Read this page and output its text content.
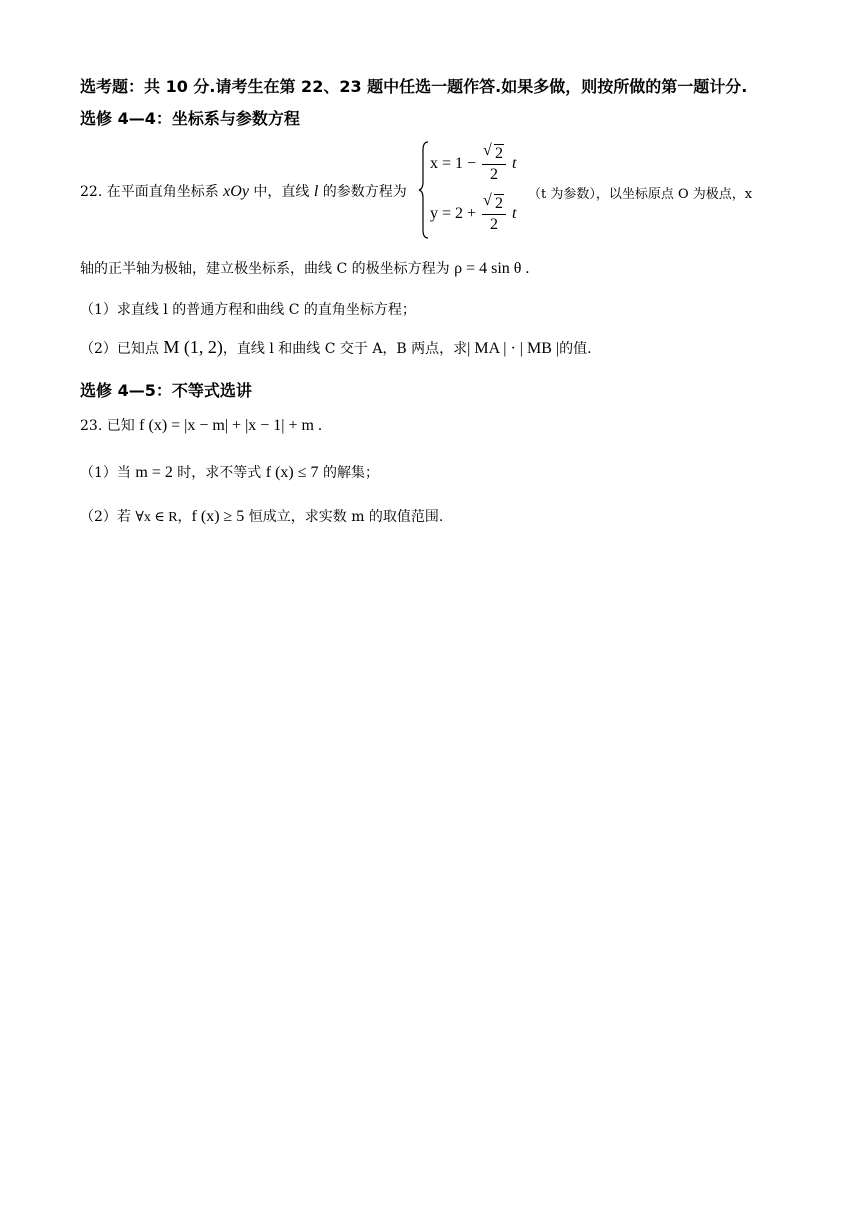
选考题：共 10 分.请考生在第 22、23 题中任选一题作答.如果多做，则按所做的第一题计分.
选修 4—4：坐标系与参数方程
22. 在平面直角坐标系 xOy 中，直线 l 的参数方程为
x = 1 − √ $\frac{2}{2}$ t
y = 2 + √ $\frac{2}{2}$ t
（t 为参数），以坐标原点 O 为极点，x
轴的正半轴为极轴，建立极坐标系，曲线 C 的极坐标方程为 ρ = 4 sin θ .
（1）求直线 l 的普通方程和曲线 C 的直角坐标方程；
（2）已知点 M (1, 2)，直线 l 和曲线 C 交于 A，B 两点，求| MA | · | MB |的值.
选修 4—5：不等式选讲
23. 已知 f (x) = |x − m| + |x − 1| + m .
（1）当 m = 2 时，求不等式 f (x) ≤ 7 的解集；
（2）若 ∀x ∈ R，f (x) ≥ 5 恒成立，求实数 m 的取值范围.
